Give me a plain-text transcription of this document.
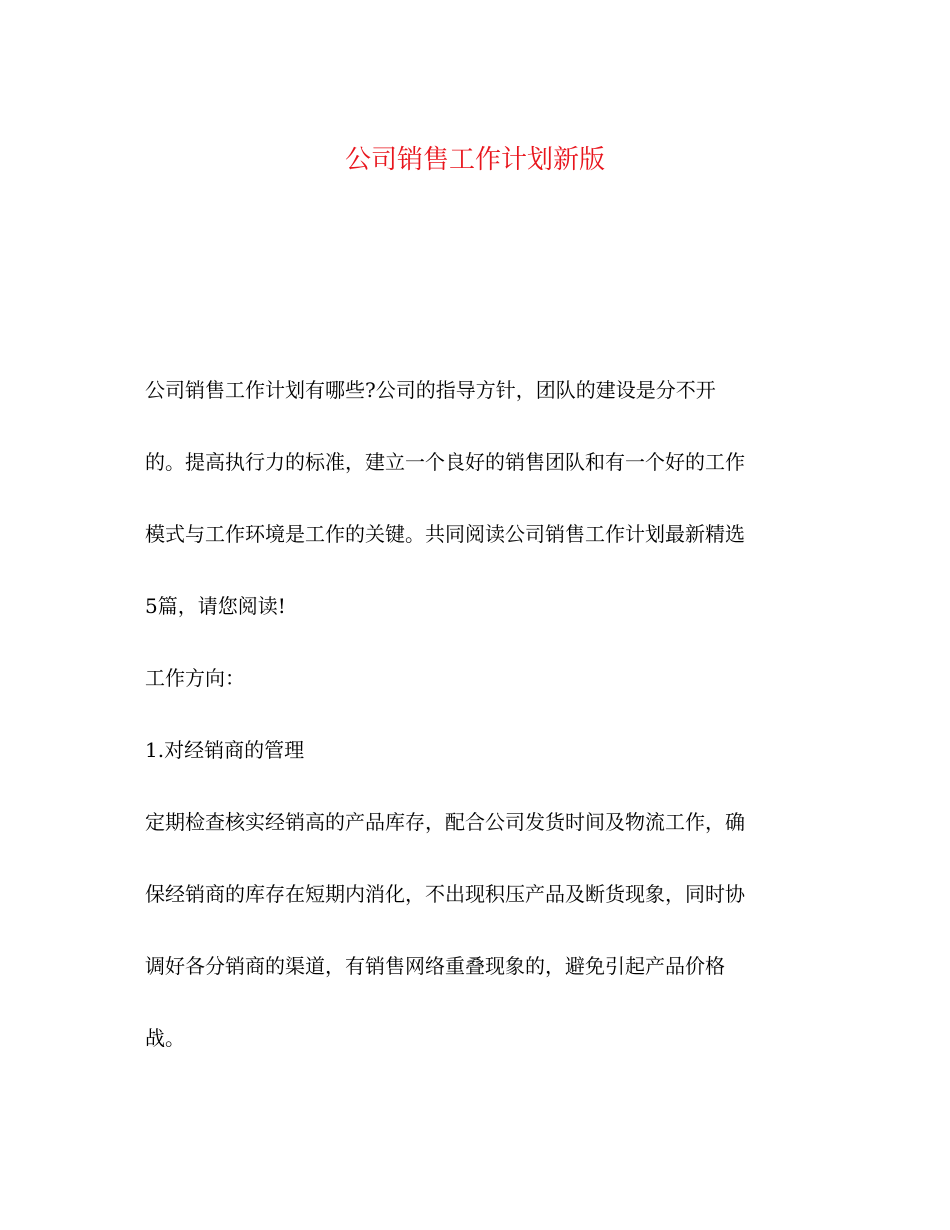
公司销售工作计划新版
公司销售工作计划有哪些?公司的指导方针，团队的建设是分不开
的。提高执行力的标准，建立一个良好的销售团队和有一个好的工作
模式与工作环境是工作的关键。共同阅读公司销售工作计划最新精选
5篇，请您阅读!
工作方向：
1.对经销商的管理
定期检查核实经销高的产品库存，配合公司发货时间及物流工作，确
保经销商的库存在短期内消化，不出现积压产品及断货现象，同时协
调好各分销商的渠道，有销售网络重叠现象的，避免引起产品价格
战。
